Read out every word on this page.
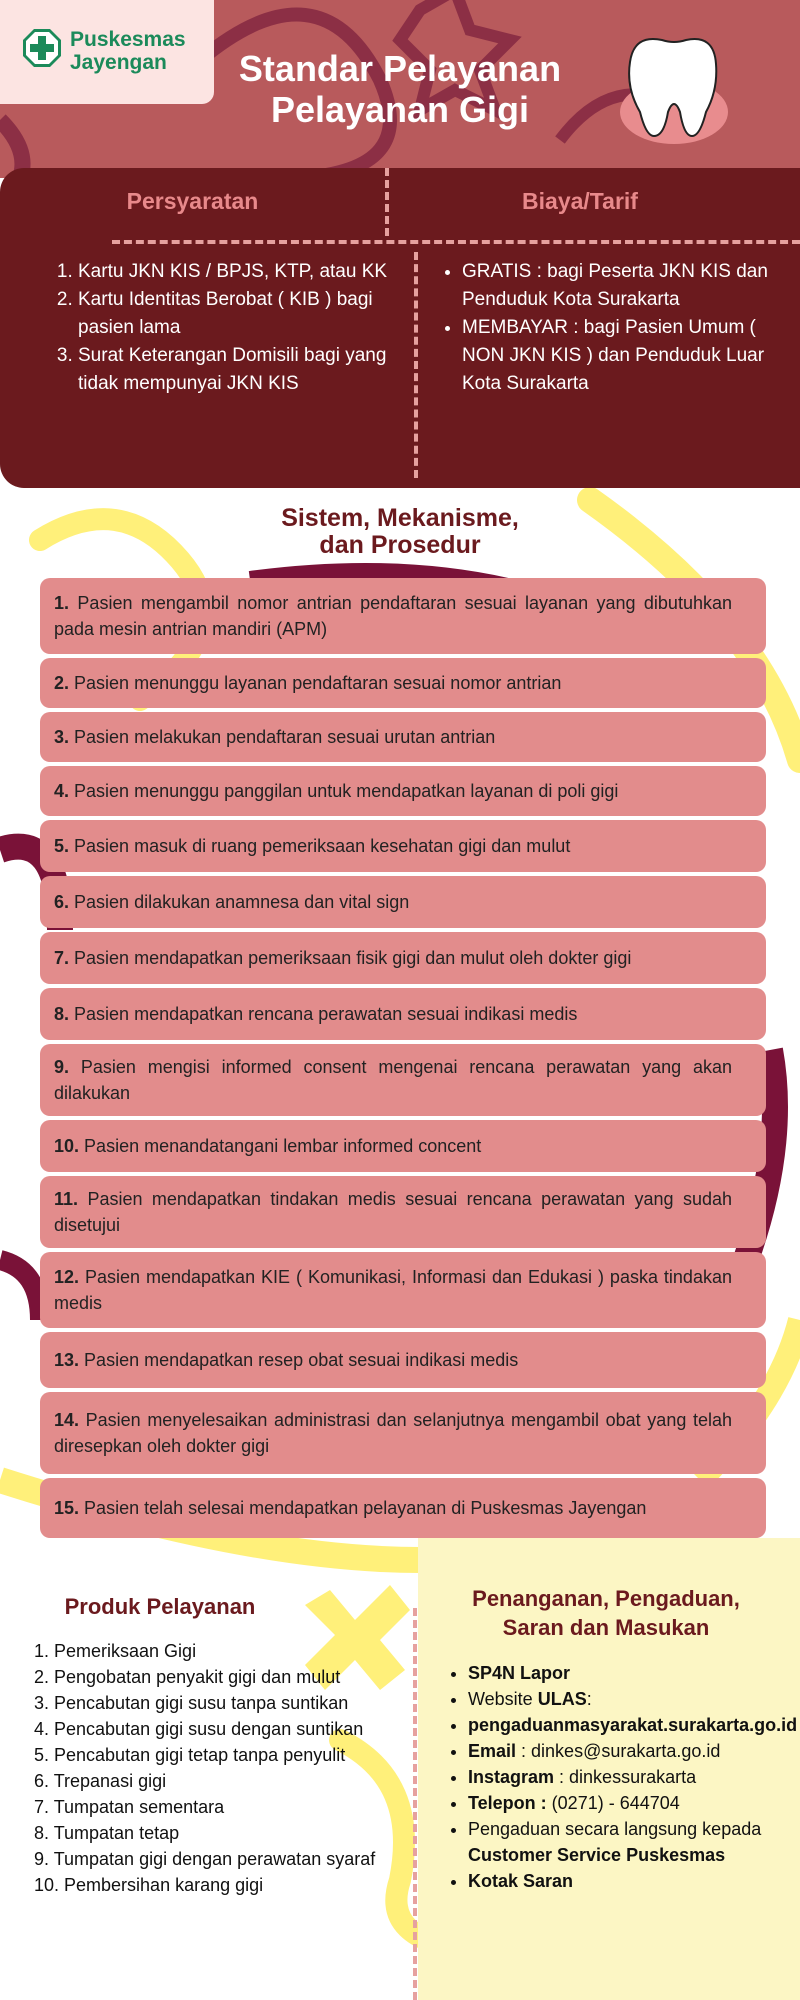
Puskesmas
Jayengan	Standar Pelayanan
Pelayanan Gigi
Persyaratan	Biaya/Tarif
1. Kartu JKN KIS / BPJS, KTP, atau KK
2. Kartu Identitas Berobat ( KIB ) bagi pasien lama
3. Surat Keterangan Domisili bagi yang tidak mempunyai JKN KIS
• GRATIS : bagi Peserta JKN KIS dan Penduduk Kota Surakarta
• MEMBAYAR : bagi Pasien Umum ( NON JKN KIS ) dan Penduduk Luar Kota Surakarta
Sistem, Mekanisme,
dan Prosedur
1. Pasien mengambil nomor antrian pendaftaran sesuai layanan yang dibutuhkan pada mesin antrian mandiri (APM)
2. Pasien menunggu layanan pendaftaran sesuai nomor antrian
3. Pasien melakukan pendaftaran sesuai urutan antrian
4. Pasien menunggu panggilan untuk mendapatkan layanan di poli gigi
5. Pasien masuk di ruang pemeriksaan kesehatan gigi dan mulut
6. Pasien dilakukan anamnesa dan vital sign
7. Pasien mendapatkan pemeriksaan fisik gigi dan mulut oleh dokter gigi
8. Pasien mendapatkan rencana perawatan sesuai indikasi medis
9. Pasien mengisi informed consent mengenai rencana perawatan yang akan dilakukan
10. Pasien menandatangani lembar informed concent
11. Pasien mendapatkan tindakan medis sesuai rencana perawatan yang sudah disetujui
12. Pasien mendapatkan KIE ( Komunikasi, Informasi dan Edukasi ) paska tindakan medis
13. Pasien mendapatkan resep obat sesuai indikasi medis
14. Pasien menyelesaikan administrasi dan selanjutnya mengambil obat yang telah diresepkan oleh dokter gigi
15. Pasien telah selesai mendapatkan pelayanan di Puskesmas Jayengan
Produk Pelayanan
1. Pemeriksaan Gigi
2. Pengobatan penyakit gigi dan mulut
3. Pencabutan gigi susu tanpa suntikan
4. Pencabutan gigi susu dengan suntikan
5. Pencabutan gigi tetap tanpa penyulit
6. Trepanasi gigi
7. Tumpatan sementara
8. Tumpatan tetap
9. Tumpatan gigi dengan perawatan syaraf
10. Pembersihan karang gigi
Penanganan, Pengaduan,
Saran dan Masukan
• SP4N Lapor
• Website ULAS:
• pengaduanmasyarakat.surakarta.go.id
• Email : dinkes@surakarta.go.id
• Instagram : dinkessurakarta
• Telepon : (0271) - 644704
• Pengaduan secara langsung kepada Customer Service Puskesmas
• Kotak Saran
